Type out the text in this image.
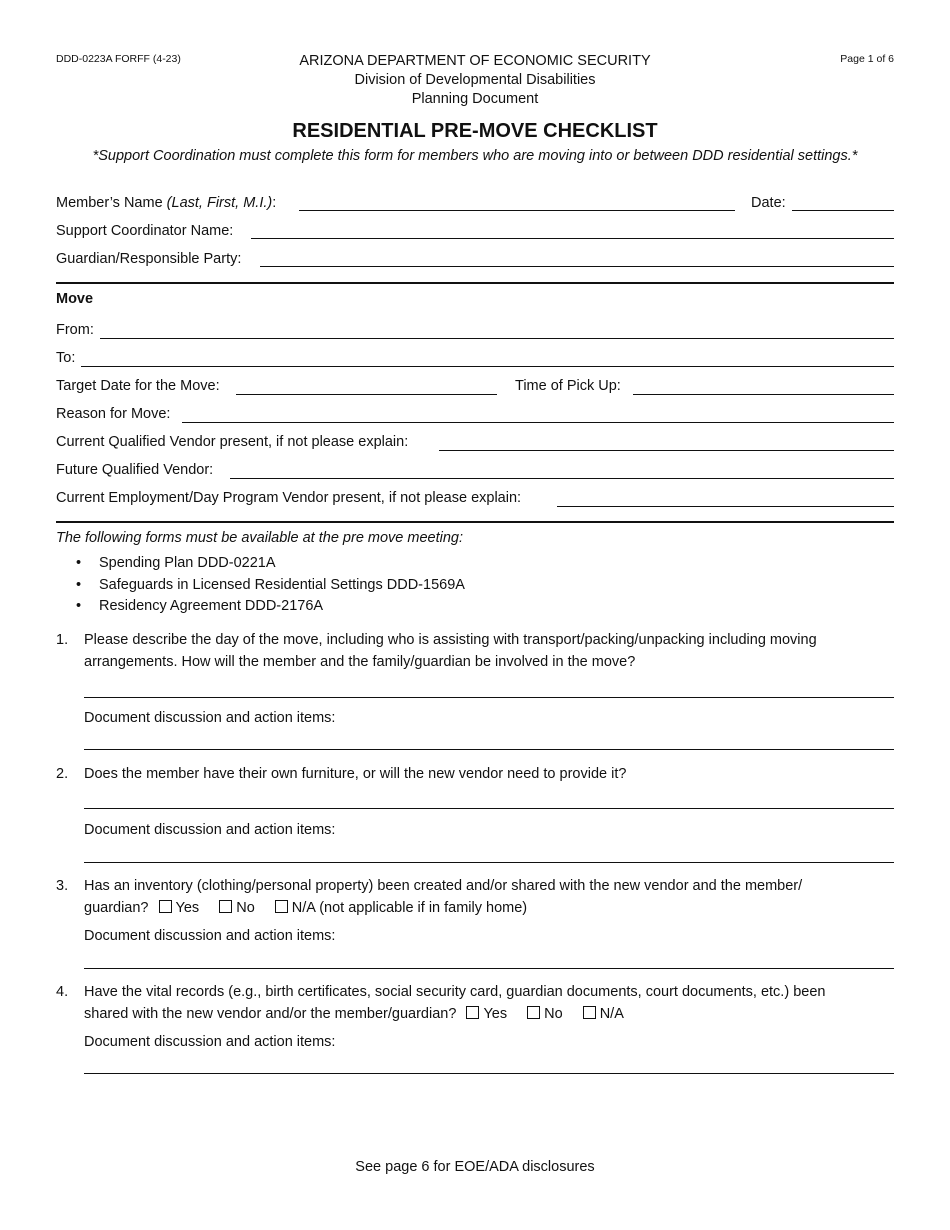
DDD-0223A FORFF (4-23)	Page 1 of 6
ARIZONA DEPARTMENT OF ECONOMIC SECURITY
Division of Developmental Disabilities
Planning Document
RESIDENTIAL PRE-MOVE CHECKLIST
*Support Coordination must complete this form for members who are moving into or between DDD residential settings.*
Member’s Name (Last, First, M.I.):	Date:
Support Coordinator Name:
Guardian/Responsible Party:
Move
From:
To:
Target Date for the Move:	Time of Pick Up:
Reason for Move:
Current Qualified Vendor present, if not please explain:
Future Qualified Vendor:
Current Employment/Day Program Vendor present, if not please explain:
The following forms must be available at the pre move meeting:
• Spending Plan DDD-0221A
• Safeguards in Licensed Residential Settings DDD-1569A
• Residency Agreement DDD-2176A
1. Please describe the day of the move, including who is assisting with transport/packing/unpacking including moving
arrangements. How will the member and the family/guardian be involved in the move?
Document discussion and action items:
2. Does the member have their own furniture, or will the new vendor need to provide it?
Document discussion and action items:
3. Has an inventory (clothing/personal property) been created and/or shared with the new vendor and the member/
guardian? Yes	No	N/A (not applicable if in family home)
Document discussion and action items:
4. Have the vital records (e.g., birth certificates, social security card, guardian documents, court documents, etc.) been
shared with the new vendor and/or the member/guardian? Yes	No	N/A
Document discussion and action items:
See page 6 for EOE/ADA disclosures
